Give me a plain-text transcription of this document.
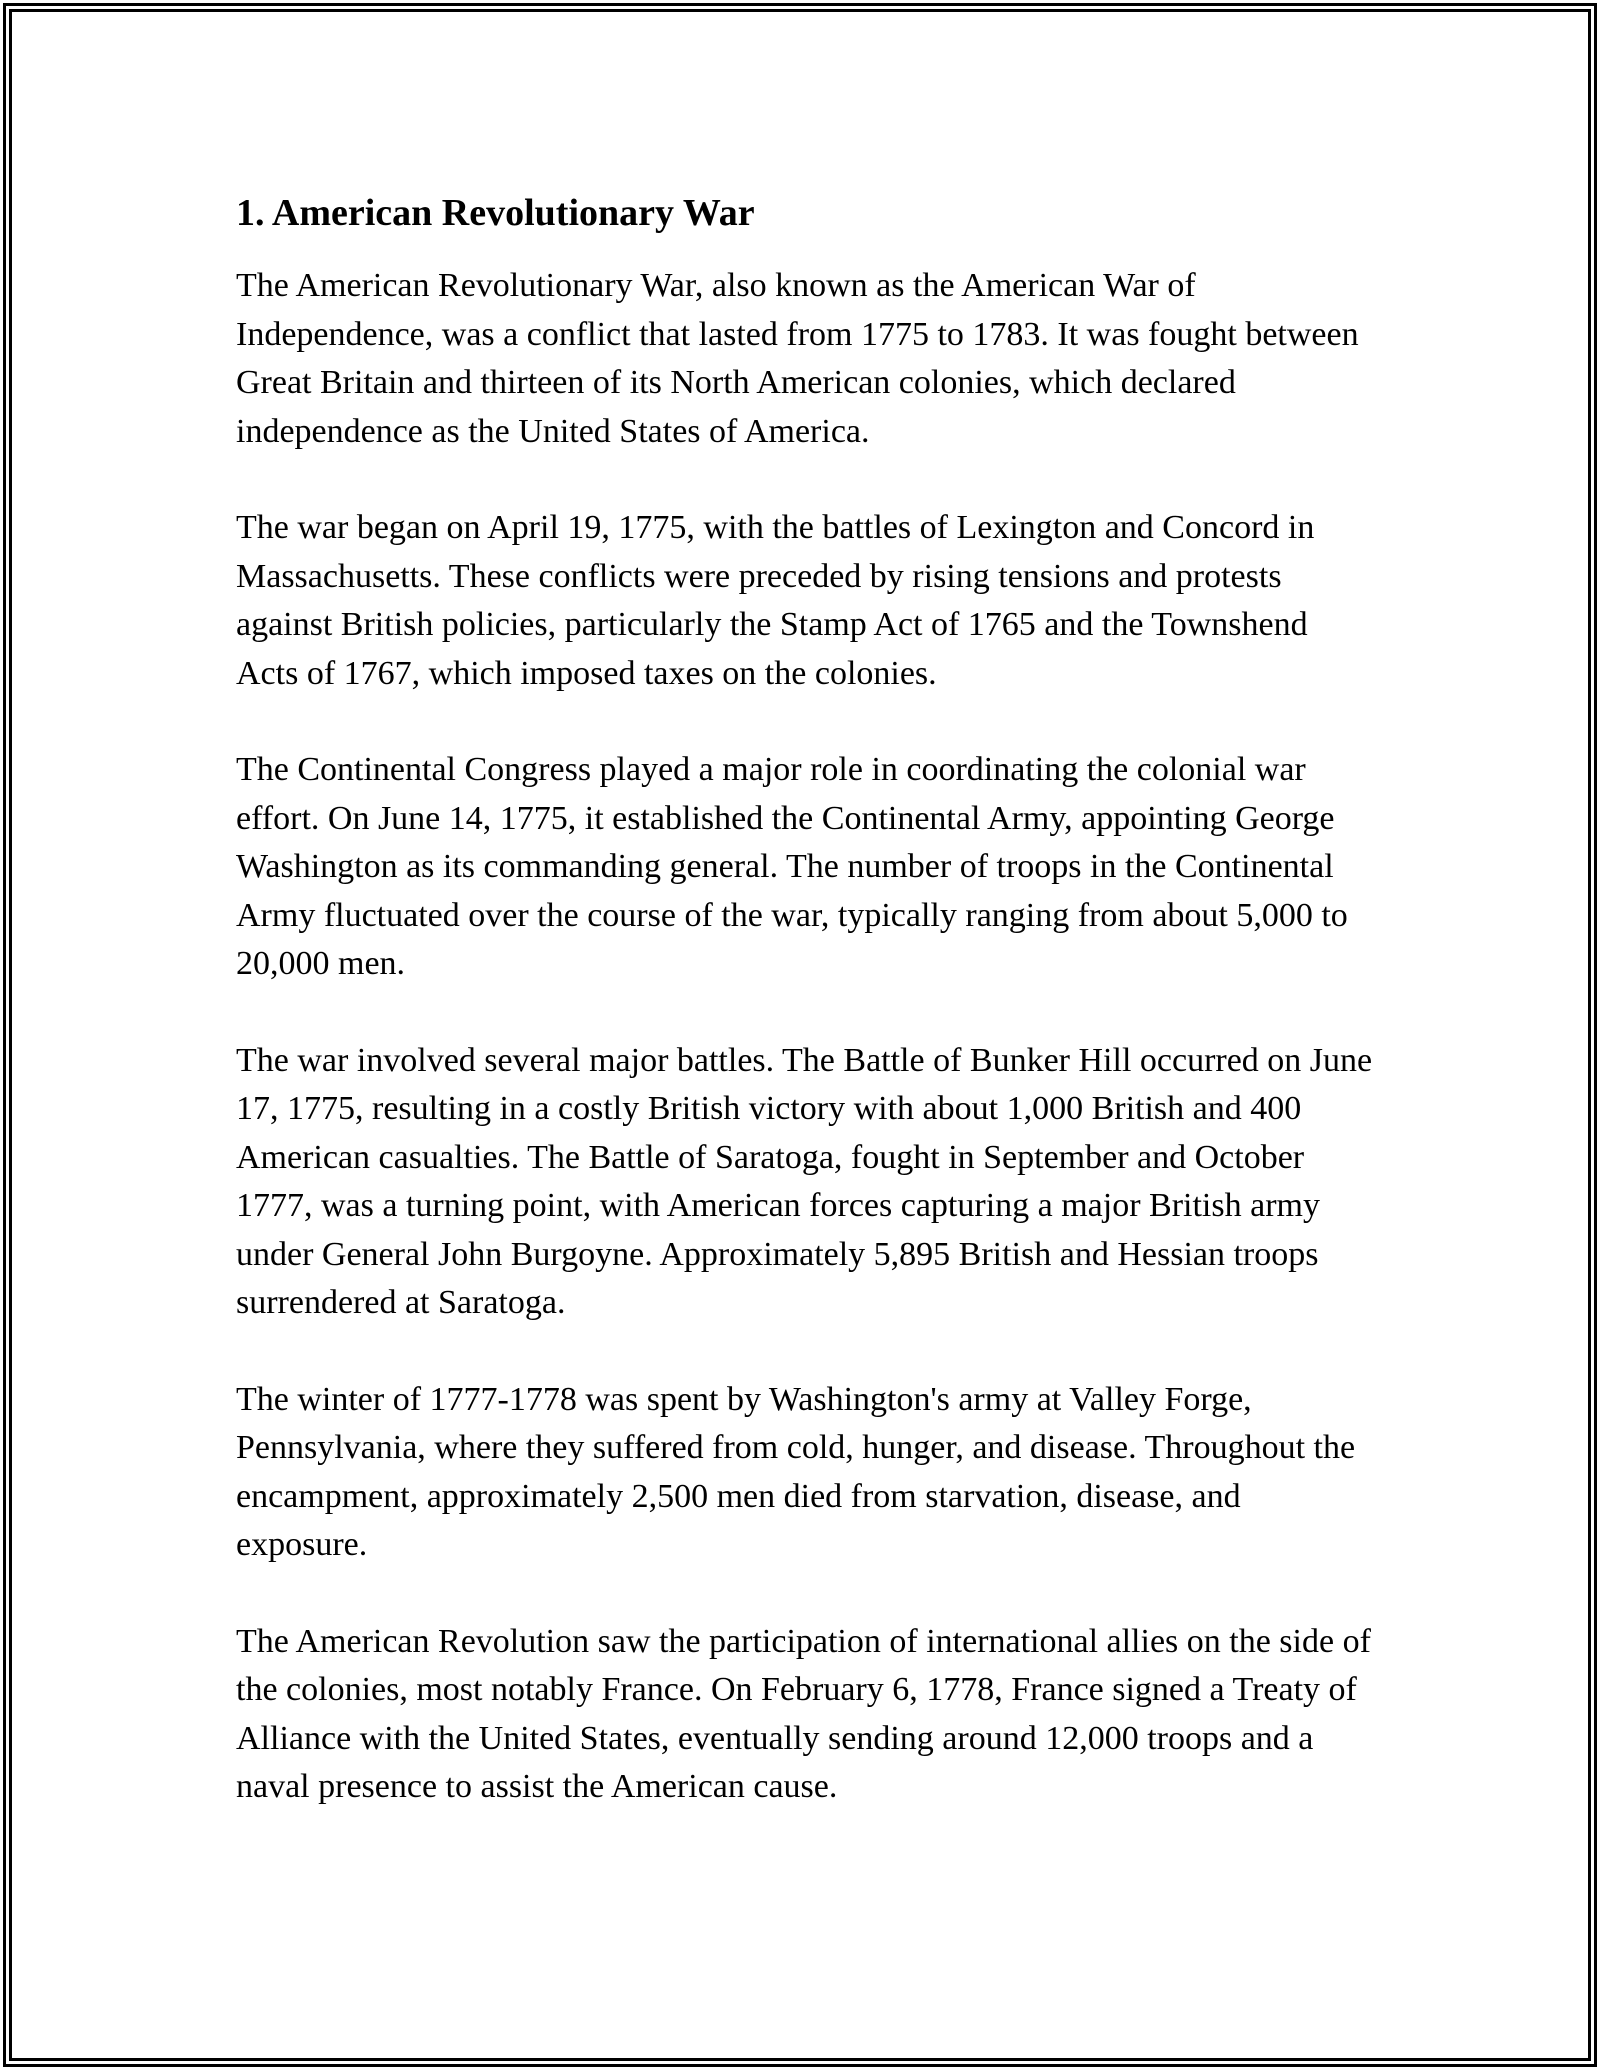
1. American Revolutionary War

The American Revolutionary War, also known as the American War of Independence, was a conflict that lasted from 1775 to 1783. It was fought between Great Britain and thirteen of its North American colonies, which declared independence as the United States of America.

The war began on April 19, 1775, with the battles of Lexington and Concord in Massachusetts. These conflicts were preceded by rising tensions and protests against British policies, particularly the Stamp Act of 1765 and the Townshend Acts of 1767, which imposed taxes on the colonies.

The Continental Congress played a major role in coordinating the colonial war effort. On June 14, 1775, it established the Continental Army, appointing George Washington as its commanding general. The number of troops in the Continental Army fluctuated over the course of the war, typically ranging from about 5,000 to 20,000 men.

The war involved several major battles. The Battle of Bunker Hill occurred on June 17, 1775, resulting in a costly British victory with about 1,000 British and 400 American casualties. The Battle of Saratoga, fought in September and October 1777, was a turning point, with American forces capturing a major British army under General John Burgoyne. Approximately 5,895 British and Hessian troops surrendered at Saratoga.

The winter of 1777-1778 was spent by Washington's army at Valley Forge, Pennsylvania, where they suffered from cold, hunger, and disease. Throughout the encampment, approximately 2,500 men died from starvation, disease, and exposure.

The American Revolution saw the participation of international allies on the side of the colonies, most notably France. On February 6, 1778, France signed a Treaty of Alliance with the United States, eventually sending around 12,000 troops and a naval presence to assist the American cause.
